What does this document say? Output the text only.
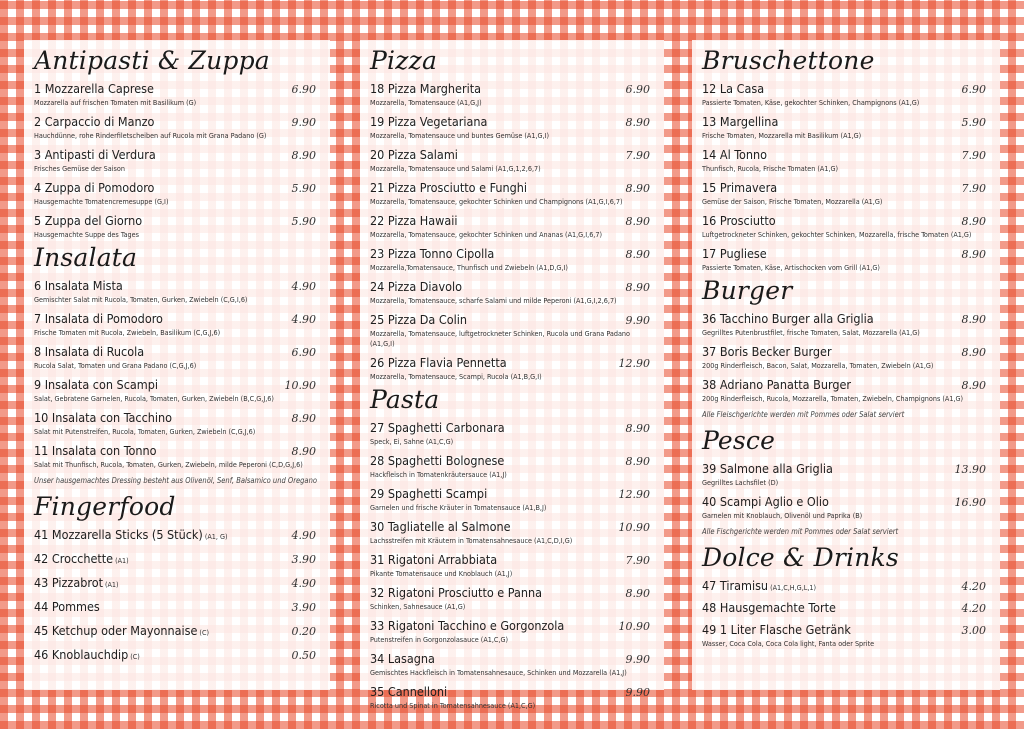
Antipasti & Zuppa
1 Mozzarella Caprese	6.90
Mozzarella auf frischen Tomaten mit Basilikum (G)
2 Carpaccio di Manzo	9.90
Hauchdünne, rohe Rinderfiletscheiben auf Rucola mit Grana Padano (G)
3 Antipasti di Verdura	8.90
Frisches Gemüse der Saison
4 Zuppa di Pomodoro	5.90
Hausgemachte Tomatencremesuppe (G,I)
5 Zuppa del Giorno	5.90
Hausgemachte Suppe des Tages
Insalata
6 Insalata Mista	4.90
Gemischter Salat mit Rucola, Tomaten, Gurken, Zwiebeln (C,G,I,6)
7 Insalata di Pomodoro	4.90
Frische Tomaten mit Rucola, Zwiebeln, Basilikum (C,G,J,6)
8 Insalata di Rucola	6.90
Rucola Salat, Tomaten und Grana Padano (C,G,J,6)
9 Insalata con Scampi	10.90
Salat, Gebratene Garnelen, Rucola, Tomaten, Gurken, Zwiebeln (B,C,G,J,6)
10 Insalata con Tacchino	8.90
Salat mit Putenstreifen, Rucola, Tomaten, Gurken, Zwiebeln (C,G,J,6)
11 Insalata con Tonno	8.90
Salat mit Thunfisch, Rucola, Tomaten, Gurken, Zwiebeln, milde Peperoni (C,D,G,J,6)
Unser hausgemachtes Dressing besteht aus Olivenöl, Senf, Balsamico und Oregano
Fingerfood
41 Mozzarella Sticks (5 Stück) (A1, G)	4.90
42 Crocchette (A1)	3.90
43 Pizzabrot (A1)	4.90
44 Pommes	3.90
45 Ketchup oder Mayonnaise (C)	0.20
46 Knoblauchdip (C)	0.50
Pizza
18 Pizza Margherita	6.90
Mozzarella, Tomatensauce (A1,G,J)
19 Pizza Vegetariana	8.90
Mozzarella, Tomatensauce und buntes Gemüse (A1,G,I)
20 Pizza Salami	7.90
Mozzarella, Tomatensauce und Salami (A1,G,1,2,6,7)
21 Pizza Prosciutto e Funghi	8.90
Mozzarella, Tomatensauce, gekochter Schinken und Champignons (A1,G,I,6,7)
22 Pizza Hawaii	8.90
Mozzarella, Tomatensauce, gekochter Schinken und Ananas (A1,G,I,6,7)
23 Pizza Tonno Cipolla	8.90
Mozzarella,Tomatensauce, Thunfisch und Zwiebeln (A1,D,G,I)
24 Pizza Diavolo	8.90
Mozzarella, Tomatensauce, scharfe Salami und milde Peperoni (A1,G,I,2,6,7)
25 Pizza Da Colin	9.90
Mozzarella, Tomatensauce, luftgetrockneter Schinken, Rucola und Grana Padano (A1,G,I)
26 Pizza Flavia Pennetta	12.90
Mozzarella, Tomatensauce, Scampi, Rucola (A1,B,G,I)
Pasta
27 Spaghetti Carbonara	8.90
Speck, Ei, Sahne (A1,C,G)
28 Spaghetti Bolognese	8.90
Hackfleisch in Tomatenkräutersauce (A1,J)
29 Spaghetti Scampi	12.90
Garnelen und frische Kräuter in Tomatensauce (A1,B,J)
30 Tagliatelle al Salmone	10.90
Lachsstreifen mit Kräutern in Tomatensahnesauce (A1,C,D,I,G)
31 Rigatoni Arrabbiata	7.90
Pikante Tomatensauce und Knoblauch (A1,J)
32 Rigatoni Prosciutto e Panna	8.90
Schinken, Sahnesauce (A1,G)
33 Rigatoni Tacchino e Gorgonzola	10.90
Putenstreifen in Gorgonzolasauce (A1,C,G)
34 Lasagna	9.90
Gemischtes Hackfleisch in Tomatensahnesauce, Schinken und Mozzarella (A1,J)
35 Cannelloni	9.90
Ricotta und Spinat in Tomatensahnesauce (A1,C,G)
Bruschettone
12 La Casa	6.90
Passierte Tomaten, Käse, gekochter Schinken, Champignons (A1,G)
13 Margellina	5.90
Frische Tomaten, Mozzarella mit Basilikum (A1,G)
14 Al Tonno	7.90
Thunfisch, Rucola, Frische Tomaten (A1,G)
15 Primavera	7.90
Gemüse der Saison, Frische Tomaten, Mozzarella (A1,G)
16 Prosciutto	8.90
Luftgetrockneter Schinken, gekochter Schinken, Mozzarella, frische Tomaten (A1,G)
17 Pugliese	8.90
Passierte Tomaten, Käse, Artischocken vom Grill (A1,G)
Burger
36 Tacchino Burger alla Griglia	8.90
Gegrilltes Putenbrustfilet, frische Tomaten, Salat, Mozzarella (A1,G)
37 Boris Becker Burger	8.90
200g Rinderfleisch, Bacon, Salat, Mozzarella, Tomaten, Zwiebeln (A1,G)
38 Adriano Panatta Burger	8.90
200g Rinderfleisch, Rucola, Mozzarella, Tomaten, Zwiebeln, Champignons (A1,G)
Alle Fleischgerichte werden mit Pommes oder Salat serviert
Pesce
39 Salmone alla Griglia	13.90
Gegrilltes Lachsfilet (D)
40 Scampi Aglio e Olio	16.90
Garnelen mit Knoblauch, Olivenöl und Paprika (B)
Alle Fischgerichte werden mit Pommes oder Salat serviert
Dolce & Drinks
47 Tiramisu (A1,C,H,G,L,1)	4.20
48 Hausgemachte Torte	4.20
49 1 Liter Flasche Getränk	3.00
Wasser, Coca Cola, Coca Cola light, Fanta oder Sprite
